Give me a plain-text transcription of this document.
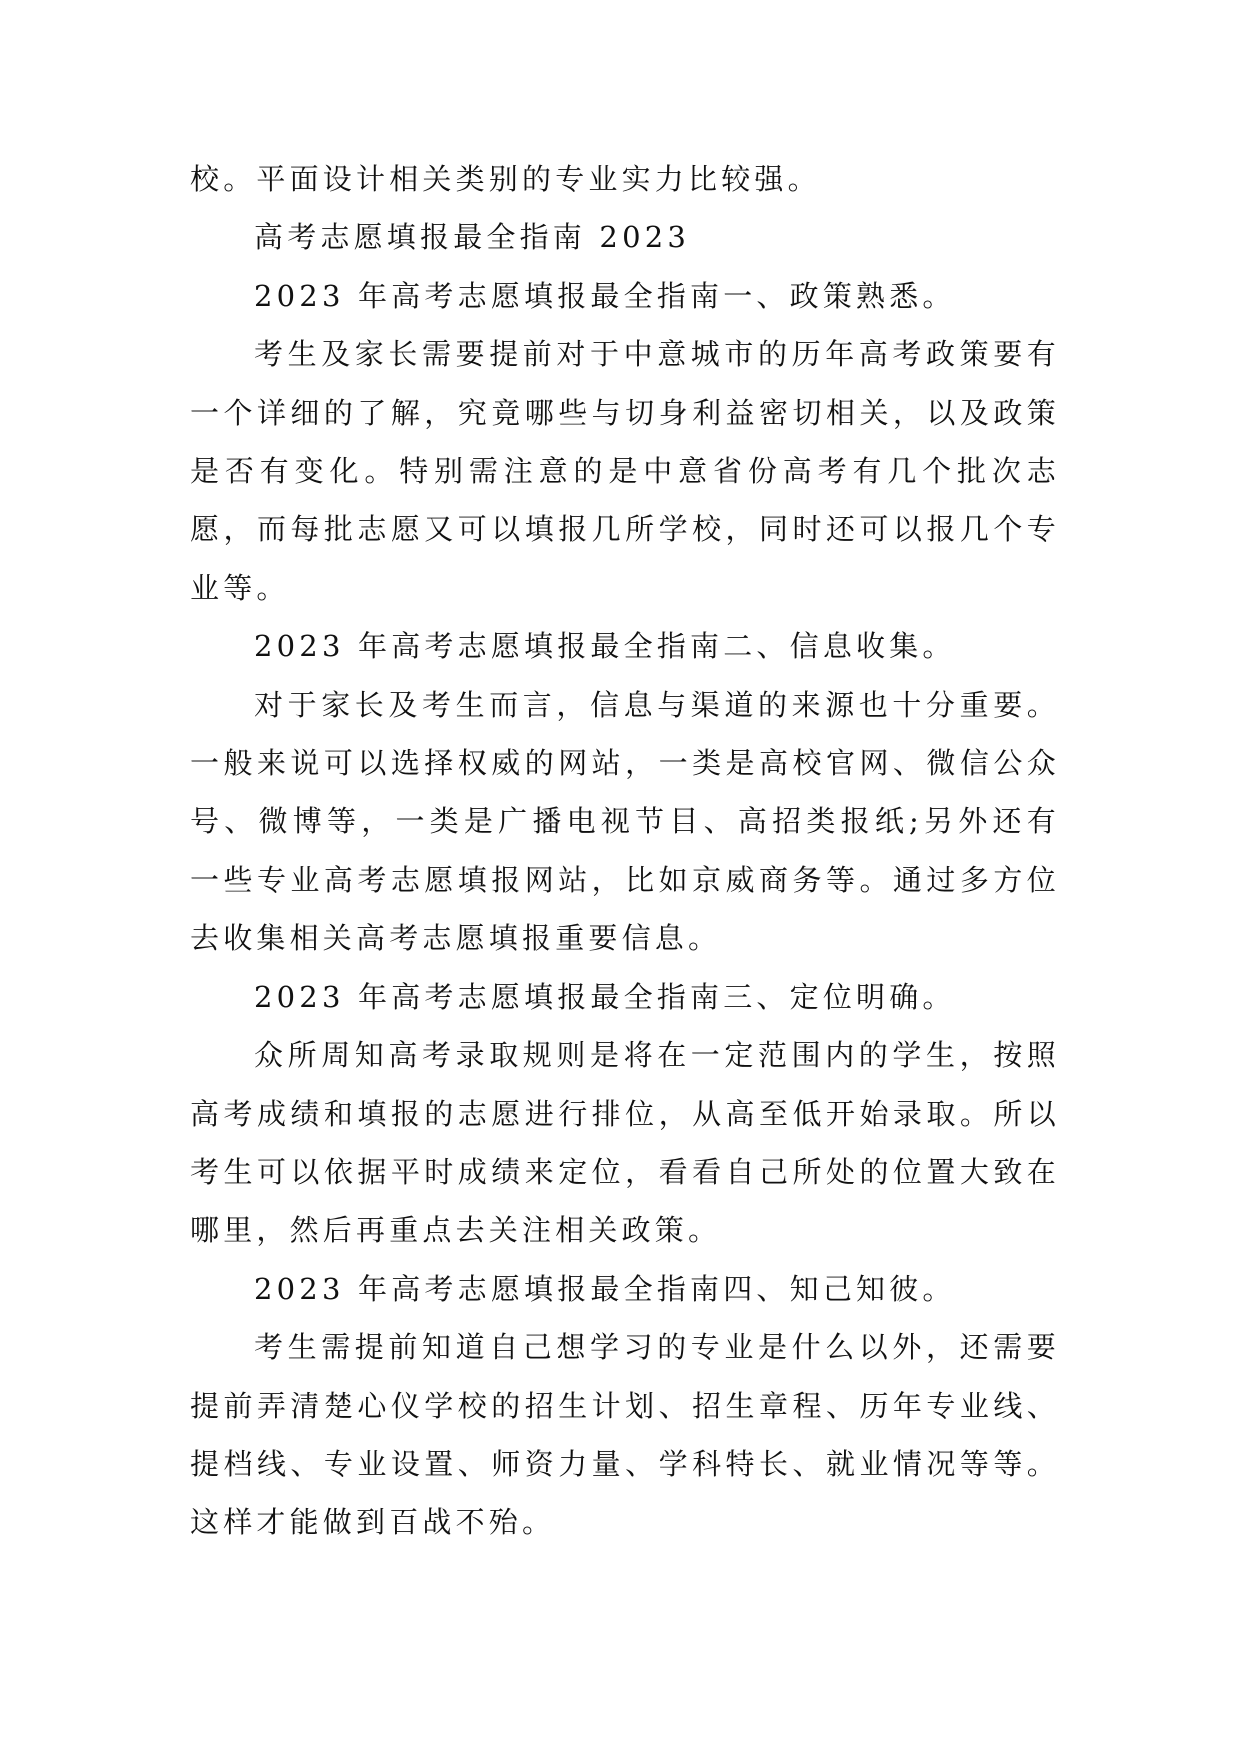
校。平面设计相关类别的专业实力比较强。

高考志愿填报最全指南 2023

2023 年高考志愿填报最全指南一、政策熟悉。

考生及家长需要提前对于中意城市的历年高考政策要有一个详细的了解，究竟哪些与切身利益密切相关，以及政策是否有变化。特别需注意的是中意省份高考有几个批次志愿，而每批志愿又可以填报几所学校，同时还可以报几个专业等。

2023 年高考志愿填报最全指南二、信息收集。

对于家长及考生而言，信息与渠道的来源也十分重要。一般来说可以选择权威的网站，一类是高校官网、微信公众号、微博等，一类是广播电视节目、高招类报纸;另外还有一些专业高考志愿填报网站，比如京威商务等。通过多方位去收集相关高考志愿填报重要信息。

2023 年高考志愿填报最全指南三、定位明确。

众所周知高考录取规则是将在一定范围内的学生，按照高考成绩和填报的志愿进行排位，从高至低开始录取。所以考生可以依据平时成绩来定位，看看自己所处的位置大致在哪里，然后再重点去关注相关政策。

2023 年高考志愿填报最全指南四、知己知彼。

考生需提前知道自己想学习的专业是什么以外，还需要提前弄清楚心仪学校的招生计划、招生章程、历年专业线、提档线、专业设置、师资力量、学科特长、就业情况等等。这样才能做到百战不殆。
